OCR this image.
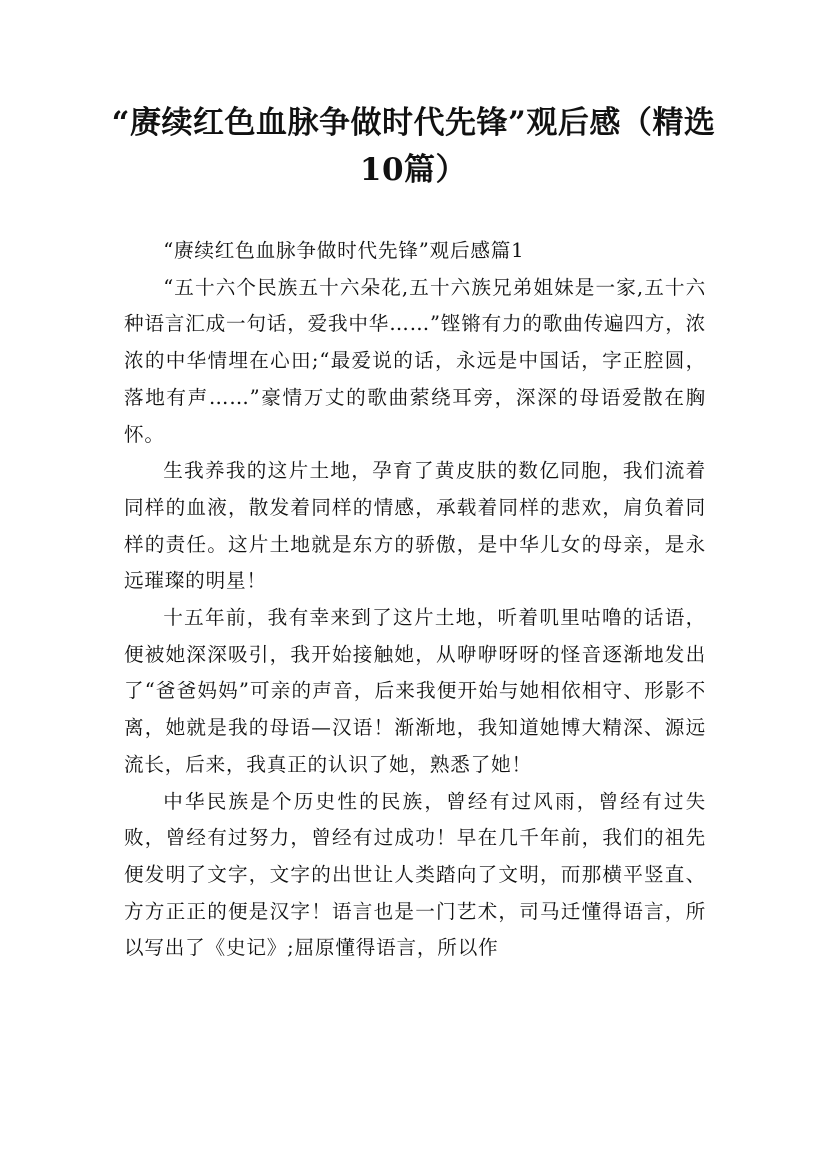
“赓续红色血脉争做时代先锋”观后感（精选10篇）

“赓续红色血脉争做时代先锋”观后感篇1

“五十六个民族五十六朵花,五十六族兄弟姐妹是一家,五十六种语言汇成一句话，爱我中华……”铿锵有力的歌曲传遍四方，浓浓的中华情埋在心田;“最爱说的话，永远是中国话，字正腔圆，落地有声……”豪情万丈的歌曲萦绕耳旁，深深的母语爱散在胸怀。

生我养我的这片土地，孕育了黄皮肤的数亿同胞，我们流着同样的血液，散发着同样的情感，承载着同样的悲欢，肩负着同样的责任。这片土地就是东方的骄傲，是中华儿女的母亲，是永远璀璨的明星！

十五年前，我有幸来到了这片土地，听着叽里咕噜的话语，便被她深深吸引，我开始接触她，从咿咿呀呀的怪音逐渐地发出了“爸爸妈妈”可亲的声音，后来我便开始与她相依相守、形影不离，她就是我的母语—汉语！渐渐地，我知道她博大精深、源远流长，后来，我真正的认识了她，熟悉了她！

中华民族是个历史性的民族，曾经有过风雨，曾经有过失败，曾经有过努力，曾经有过成功！早在几千年前，我们的祖先便发明了文字，文字的出世让人类踏向了文明，而那横平竖直、方方正正的便是汉字！语言也是一门艺术，司马迁懂得语言，所以写出了《史记》;屈原懂得语言，所以作
